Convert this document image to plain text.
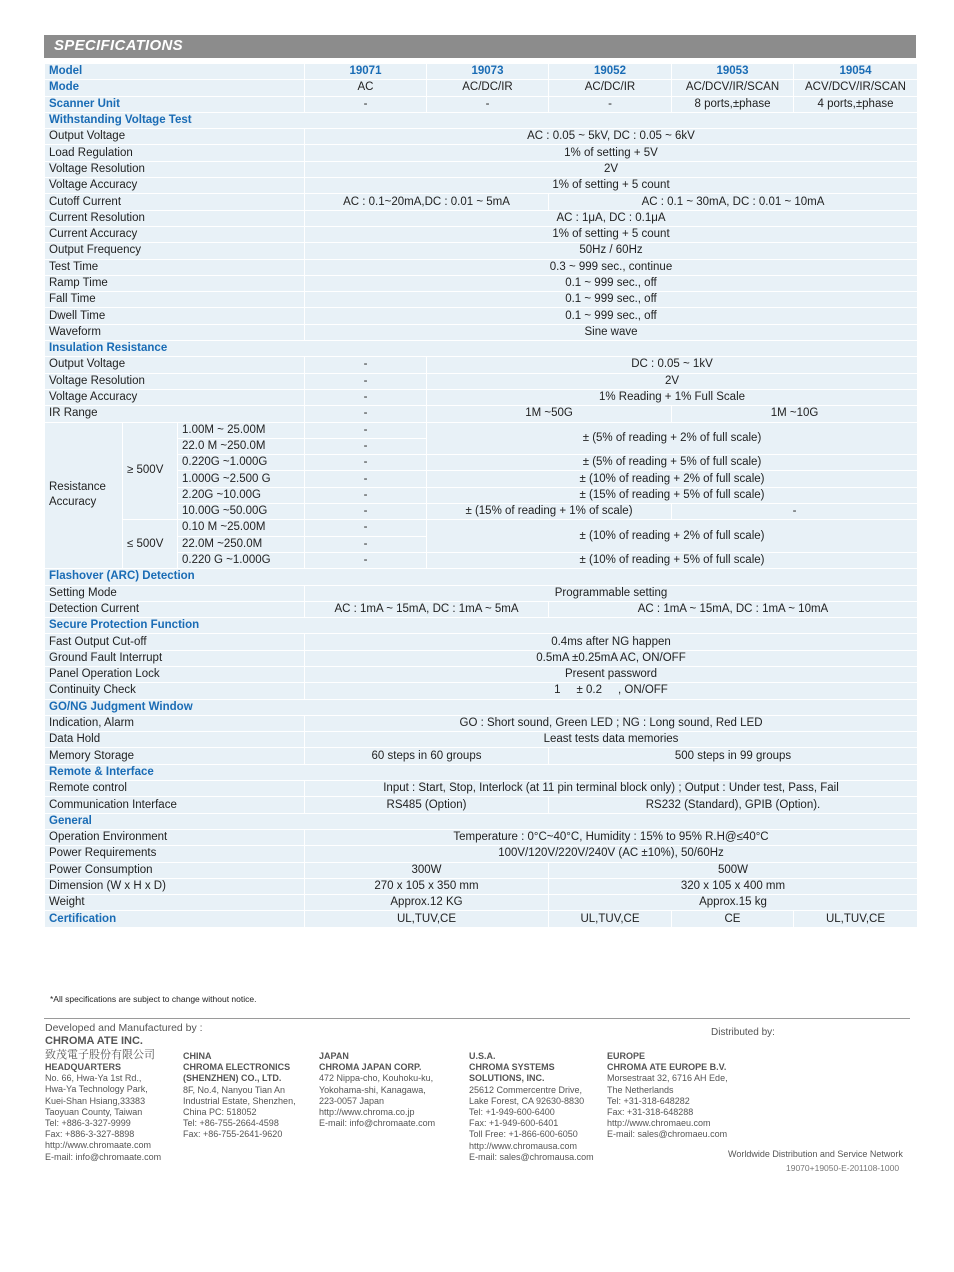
SPECIFICATIONS
Model			19071	19073	19052	19053	19054
Mode			AC	AC/DC/IR	AC/DC/IR	AC/DCV/IR/SCAN	ACV/DCV/IR/SCAN
Scanner Unit			-	-	-	8 ports,±phase	4 ports,±phase
Withstanding Voltage Test							
Output Voltage			AC : 0.05 ~ 5kV, DC : 0.05 ~ 6kV				
Load Regulation			1% of setting + 5V				
Voltage Resolution			2V				
Voltage Accuracy			1% of setting + 5 count				
Cutoff Current			AC : 0.1~20mA,DC : 0.01 ~ 5mA		AC : 0.1 ~ 30mA, DC : 0.01 ~ 10mA		
Current Resolution			AC : 1μA, DC : 0.1μA				
Current Accuracy			1% of setting + 5 count				
Output Frequency			50Hz / 60Hz				
Test Time			0.3 ~ 999 sec., continue				
Ramp Time			0.1 ~ 999 sec., off				
Fall Time			0.1 ~ 999 sec., off				
Dwell Time			0.1 ~ 999 sec., off				
Waveform			Sine wave				
Insulation Resistance							
Output Voltage			-	DC : 0.05 ~ 1kV			
Voltage Resolution			-	2V			
Voltage Accuracy			-	1% Reading + 1% Full Scale			
IR Range			-	1M ~50G		1M ~10G	
Resistance Accuracy	≥ 500V	1.00M ~ 25.00M	-	± (5% of reading + 2% of full scale)			
		22.0 M ~250.0M	-				
		0.220G ~1.000G	-	± (5% of reading + 5% of full scale)			
		1.000G ~2.500 G	-	± (10% of reading + 2% of full scale)			
		2.20G ~10.00G	-	± (15% of reading + 5% of full scale)			
		10.00G ~50.00G	-	± (15% of reading + 1% of scale)		-	
	≤ 500V	0.10 M ~25.00M	-	± (10% of reading + 2% of full scale)			
		22.0M ~250.0M	-				
		0.220 G ~1.000G	-	± (10% of reading + 5% of full scale)			
Flashover (ARC) Detection							
Setting Mode			Programmable setting				
Detection Current			AC : 1mA ~ 15mA, DC : 1mA ~ 5mA		AC : 1mA ~ 15mA, DC : 1mA ~ 10mA		
Secure Protection Function							
Fast Output Cut-off			0.4ms after NG happen				
Ground Fault Interrupt			0.5mA ±0.25mA AC, ON/OFF				
Panel Operation Lock			Present password				
Continuity Check			1     ± 0.2     , ON/OFF				
GO/NG Judgment Window							
Indication, Alarm			GO : Short sound, Green LED ; NG : Long sound, Red LED				
Data Hold			Least tests data memories				
Memory Storage			60 steps in 60 groups		500 steps in 99 groups		
Remote & Interface							
Remote control			Input : Start, Stop, Interlock (at 11 pin terminal block only) ; Output : Under test, Pass, Fail				
Communication Interface			RS485 (Option)		RS232 (Standard), GPIB (Option).		
General							
Operation Environment			Temperature : 0°C~40°C, Humidity : 15% to 95% R.H@≤40°C				
Power Requirements			100V/120V/220V/240V (AC ±10%), 50/60Hz				
Power Consumption			300W		500W		
Dimension (W x H x D)			270 x 105 x 350 mm		320 x 105 x 400 mm		
Weight			Approx.12 KG		Approx.15 kg		
Certification			UL,TUV,CE		UL,TUV,CE	CE	UL,TUV,CE
*All specifications are subject to change without notice.
Developed and Manufactured by :	Distributed by:
CHROMA ATE INC.
致茂電子股份有限公司
HEADQUARTERS
No. 66, Hwa-Ya 1st Rd.,
Hwa-Ya Technology Park,
Kuei-Shan Hsiang,33383
Taoyuan County, Taiwan
Tel: +886-3-327-9999
Fax: +886-3-327-8898
http://www.chromaate.com
E-mail: info@chromaate.com
CHINA
CHROMA ELECTRONICS
(SHENZHEN) CO., LTD.
8F, No.4, Nanyou Tian An
Industrial Estate, Shenzhen,
China PC: 518052
Tel: +86-755-2664-4598
Fax: +86-755-2641-9620
JAPAN
CHROMA JAPAN CORP.
472 Nippa-cho, Kouhoku-ku,
Yokohama-shi, Kanagawa,
223-0057 Japan
http://www.chroma.co.jp
E-mail: info@chromaate.com
U.S.A.
CHROMA SYSTEMS
SOLUTIONS, INC.
25612 Commercentre Drive,
Lake Forest, CA 92630-8830
Tel: +1-949-600-6400
Fax: +1-949-600-6401
Toll Free: +1-866-600-6050
http://www.chromausa.com
E-mail: sales@chromausa.com
EUROPE
CHROMA ATE EUROPE B.V.
Morsestraat 32, 6716 AH Ede,
The Netherlands
Tel: +31-318-648282
Fax: +31-318-648288
http://www.chromaeu.com
E-mail: sales@chromaeu.com
Worldwide Distribution and Service Network
19070+19050-E-201108-1000
